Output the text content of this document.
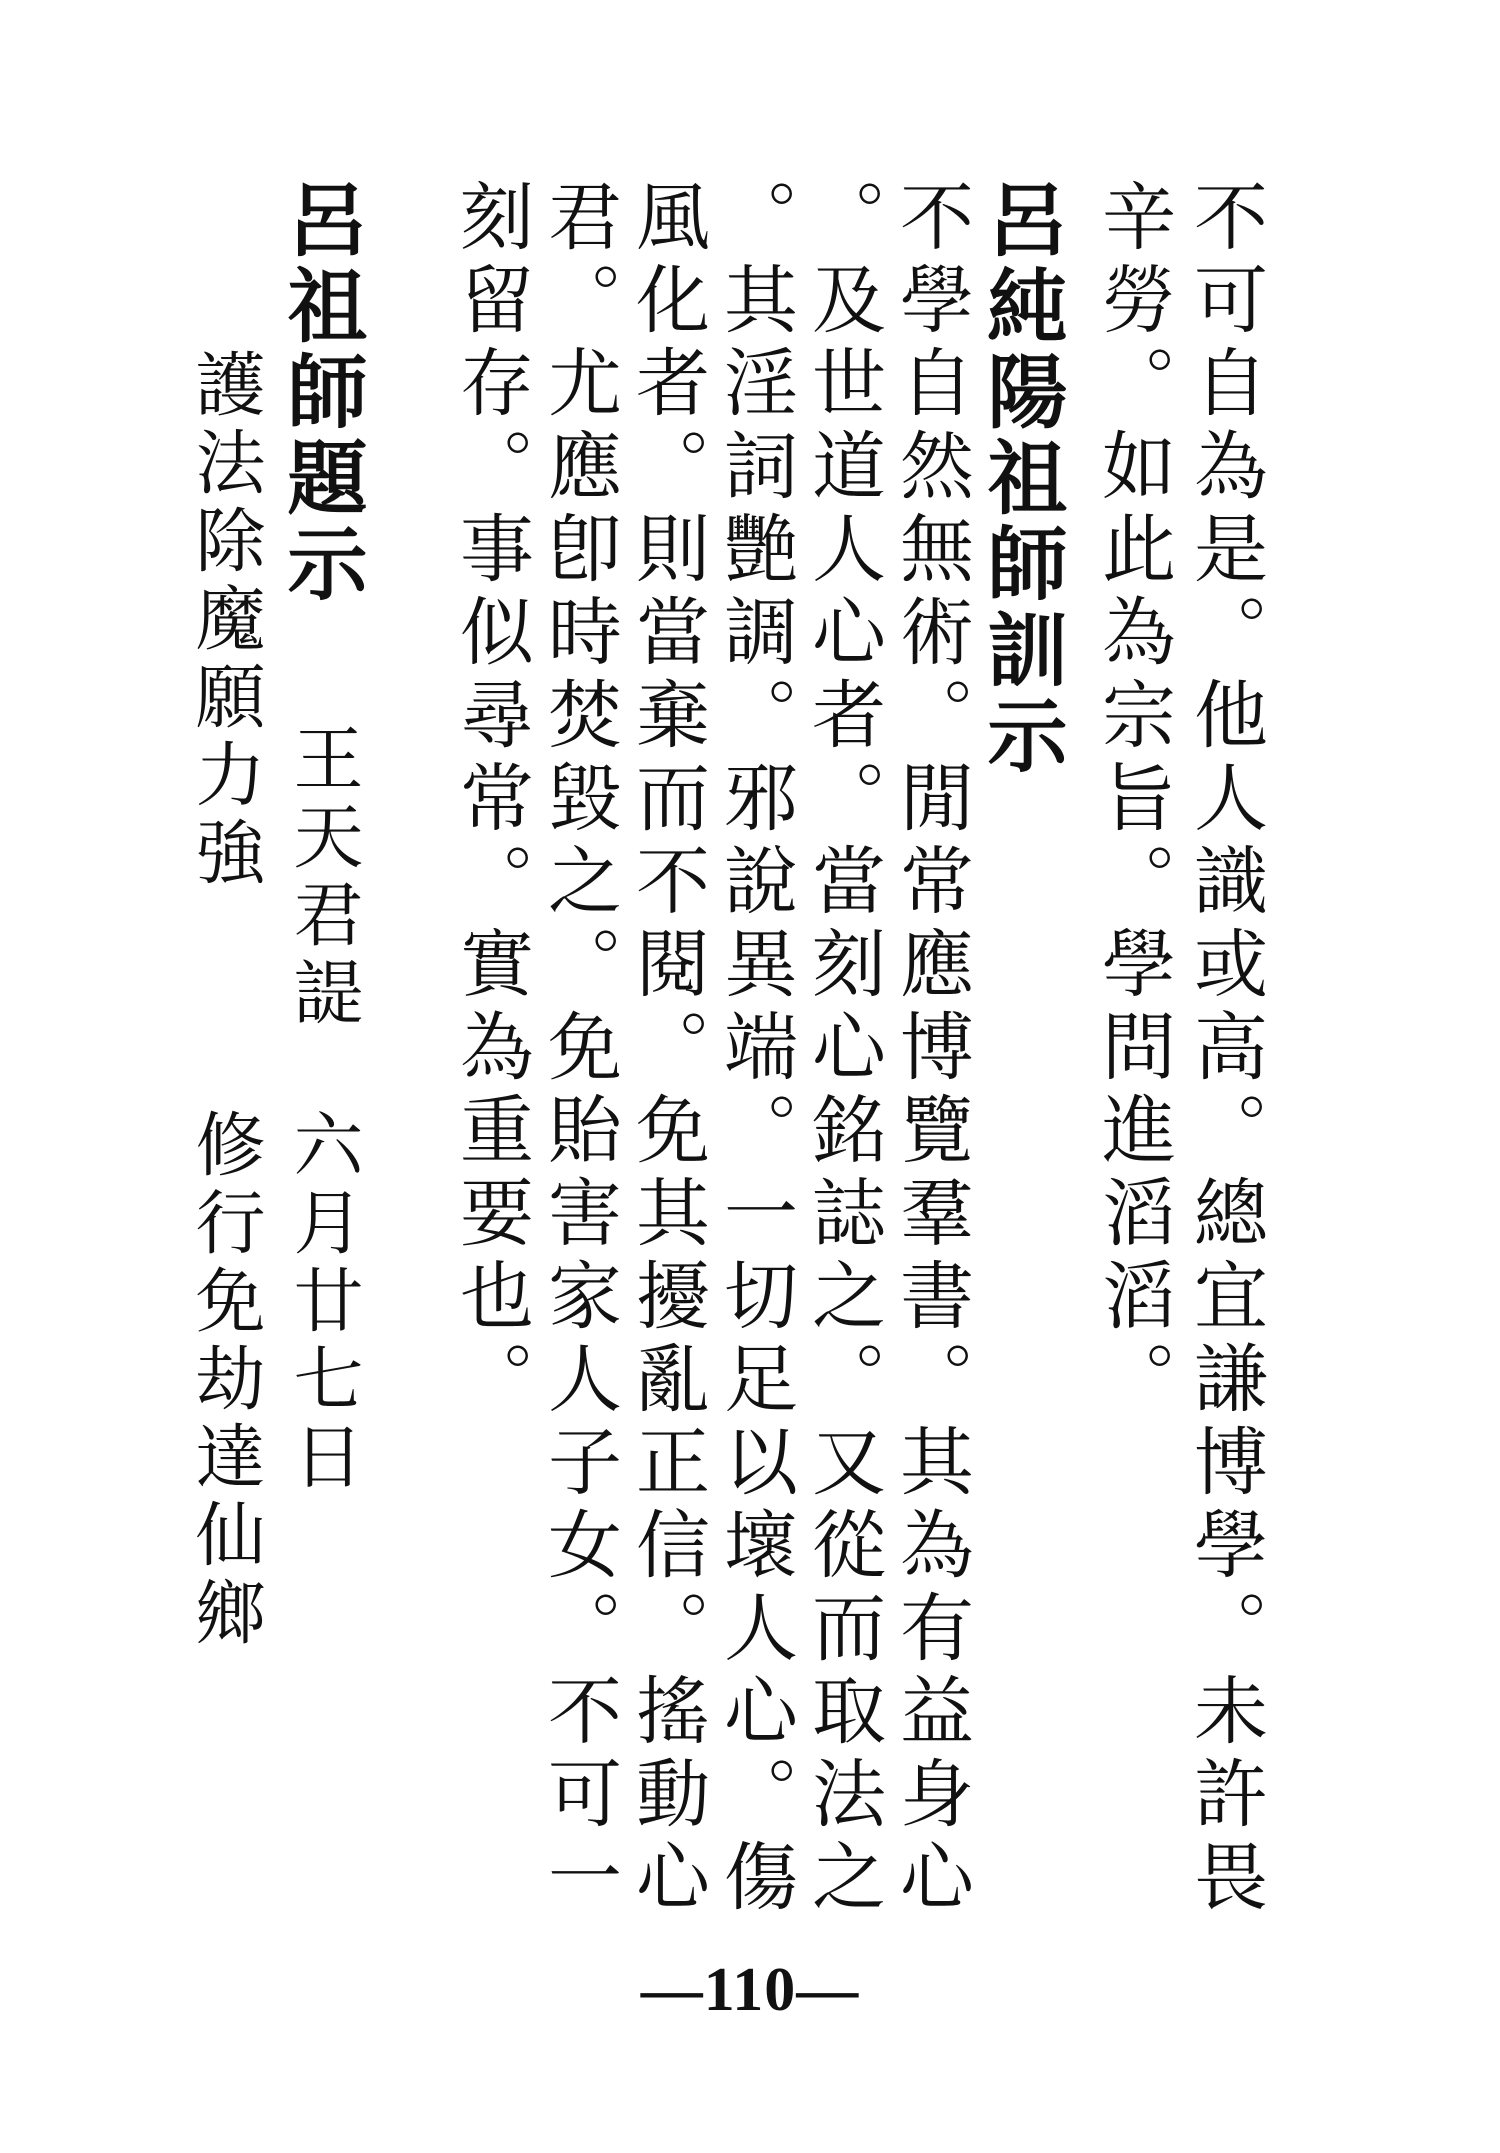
不可自為是。他人識或高。總宜謙博學。未許畏
辛勞。如此為宗旨。學問進滔滔。
呂純陽祖師訓示
不學自然無術。閒常應博覽羣書。其為有益身心
。及世道人心者。當刻心銘誌之。又從而取法之
。其淫詞艷調。邪說異端。一切足以壞人心。傷
風化者。則當棄而不閱。免其擾亂正信。搖動心
君。尤應卽時焚毀之。免貽害家人子女。不可一
刻留存。事似尋常。實為重要也。
呂祖師題示
王天君諟
六月廿七日
護法除魔願力強
修行免劫達仙鄉
—110—
